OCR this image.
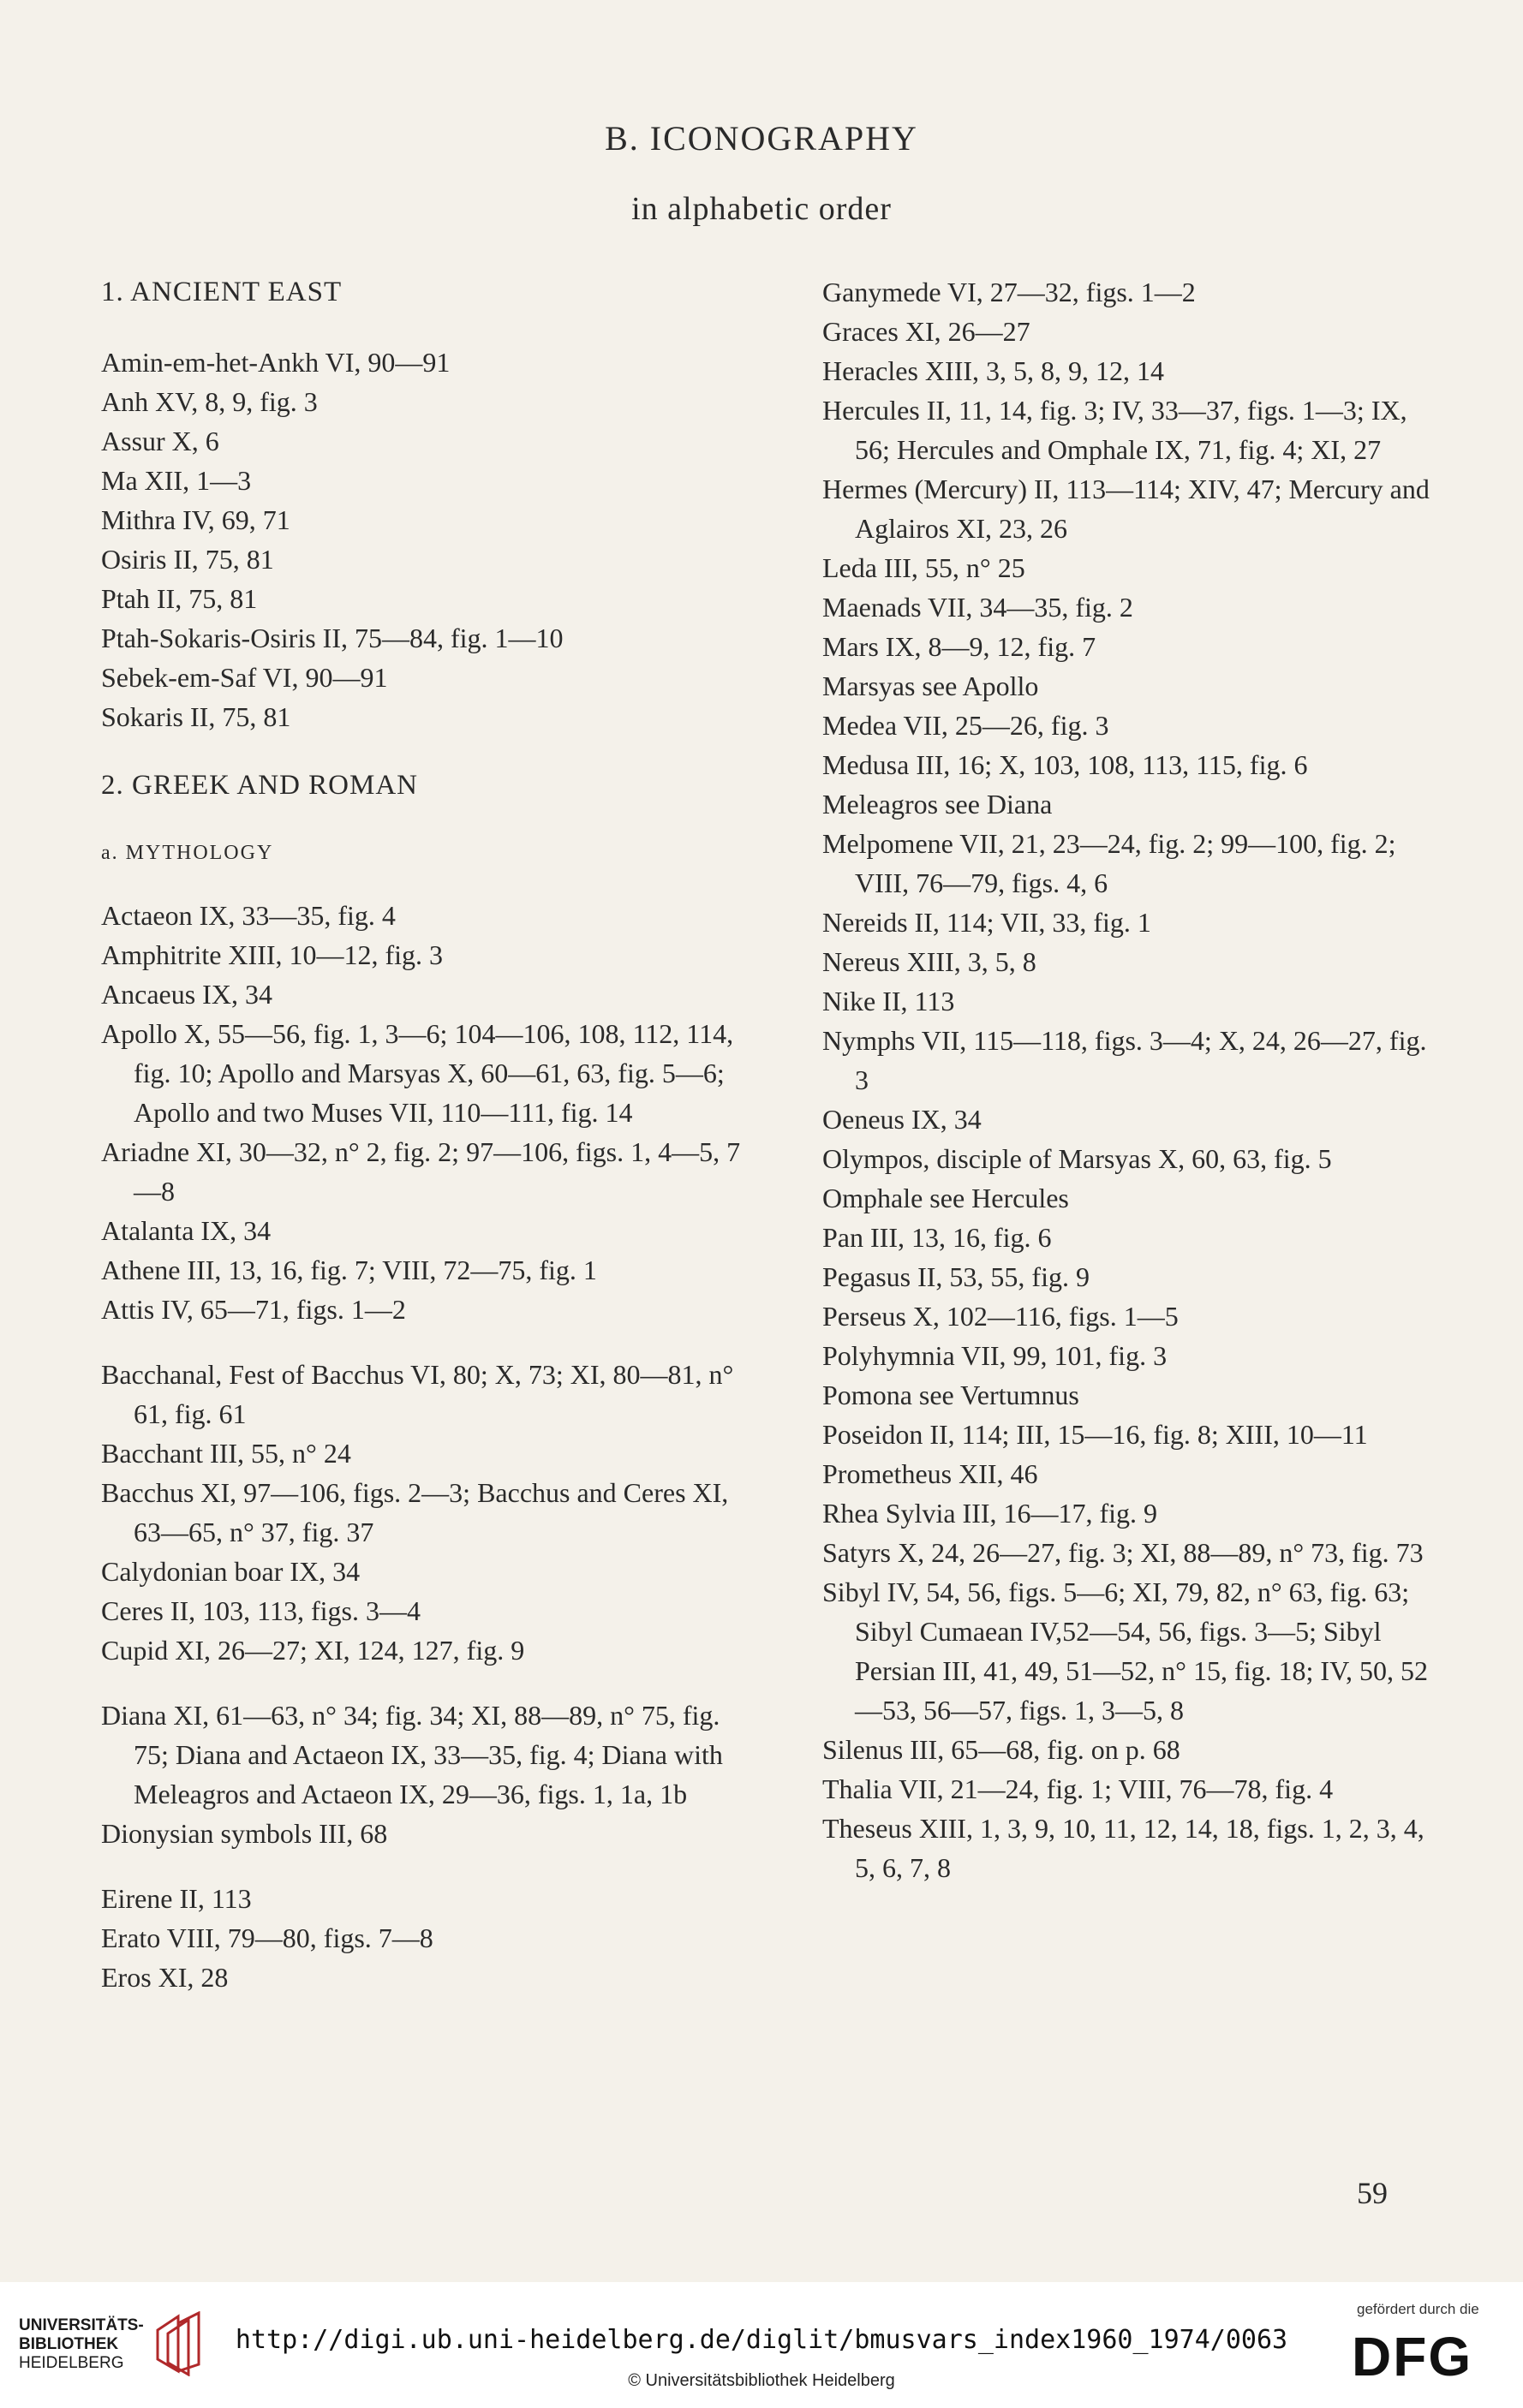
B. ICONOGRAPHY
in alphabetic order
1. ANCIENT EAST
Amin-em-het-Ankh VI, 90—91
Anh XV, 8, 9, fig. 3
Assur X, 6
Ma XII, 1—3
Mithra IV, 69, 71
Osiris II, 75, 81
Ptah II, 75, 81
Ptah-Sokaris-Osiris II, 75—84, fig. 1—10
Sebek-em-Saf VI, 90—91
Sokaris II, 75, 81
2. GREEK AND ROMAN
a. MYTHOLOGY
Actaeon IX, 33—35, fig. 4
Amphitrite XIII, 10—12, fig. 3
Ancaeus IX, 34
Apollo X, 55—56, fig. 1, 3—6; 104—106, 108, 112, 114, fig. 10; Apollo and Marsyas X, 60—61, 63, fig. 5—6; Apollo and two Muses VII, 110—111, fig. 14
Ariadne XI, 30—32, n° 2, fig. 2; 97—106, figs. 1, 4—5, 7—8
Atalanta IX, 34
Athene III, 13, 16, fig. 7; VIII, 72—75, fig. 1
Attis IV, 65—71, figs. 1—2
Bacchanal, Fest of Bacchus VI, 80; X, 73; XI, 80—81, n° 61, fig. 61
Bacchant III, 55, n° 24
Bacchus XI, 97—106, figs. 2—3; Bacchus and Ceres XI, 63—65, n° 37, fig. 37
Calydonian boar IX, 34
Ceres II, 103, 113, figs. 3—4
Cupid XI, 26—27; XI, 124, 127, fig. 9
Diana XI, 61—63, n° 34; fig. 34; XI, 88—89, n° 75, fig. 75; Diana and Actaeon IX, 33—35, fig. 4; Diana with Meleagros and Actaeon IX, 29—36, figs. 1, 1a, 1b
Dionysian symbols III, 68
Eirene II, 113
Erato VIII, 79—80, figs. 7—8
Eros XI, 28
Ganymede VI, 27—32, figs. 1—2
Graces XI, 26—27
Heracles XIII, 3, 5, 8, 9, 12, 14
Hercules II, 11, 14, fig. 3; IV, 33—37, figs. 1—3; IX, 56; Hercules and Omphale IX, 71, fig. 4; XI, 27
Hermes (Mercury) II, 113—114; XIV, 47; Mercury and Aglairos XI, 23, 26
Leda III, 55, n° 25
Maenads VII, 34—35, fig. 2
Mars IX, 8—9, 12, fig. 7
Marsyas see Apollo
Medea VII, 25—26, fig. 3
Medusa III, 16; X, 103, 108, 113, 115, fig. 6
Meleagros see Diana
Melpomene VII, 21, 23—24, fig. 2; 99—100, fig. 2; VIII, 76—79, figs. 4, 6
Nereids II, 114; VII, 33, fig. 1
Nereus XIII, 3, 5, 8
Nike II, 113
Nymphs VII, 115—118, figs. 3—4; X, 24, 26—27, fig. 3
Oeneus IX, 34
Olympos, disciple of Marsyas X, 60, 63, fig. 5
Omphale see Hercules
Pan III, 13, 16, fig. 6
Pegasus II, 53, 55, fig. 9
Perseus X, 102—116, figs. 1—5
Polyhymnia VII, 99, 101, fig. 3
Pomona see Vertumnus
Poseidon II, 114; III, 15—16, fig. 8; XIII, 10—11
Prometheus XII, 46
Rhea Sylvia III, 16—17, fig. 9
Satyrs X, 24, 26—27, fig. 3; XI, 88—89, n° 73, fig. 73
Sibyl IV, 54, 56, figs. 5—6; XI, 79, 82, n° 63, fig. 63; Sibyl Cumaean IV,52—54, 56, figs. 3—5; Sibyl Persian III, 41, 49, 51—52, n° 15, fig. 18; IV, 50, 52—53, 56—57, figs. 1, 3—5, 8
Silenus III, 65—68, fig. on p. 68
Thalia VII, 21—24, fig. 1; VIII, 76—78, fig. 4
Theseus XIII, 1, 3, 9, 10, 11, 12, 14, 18, figs. 1, 2, 3, 4, 5, 6, 7, 8
59
UNIVERSITÄTS-
BIBLIOTHEK
HEIDELBERG
http://digi.ub.uni-heidelberg.de/diglit/bmusvars_index1960_1974/0063
© Universitätsbibliothek Heidelberg
gefördert durch die
DFG
